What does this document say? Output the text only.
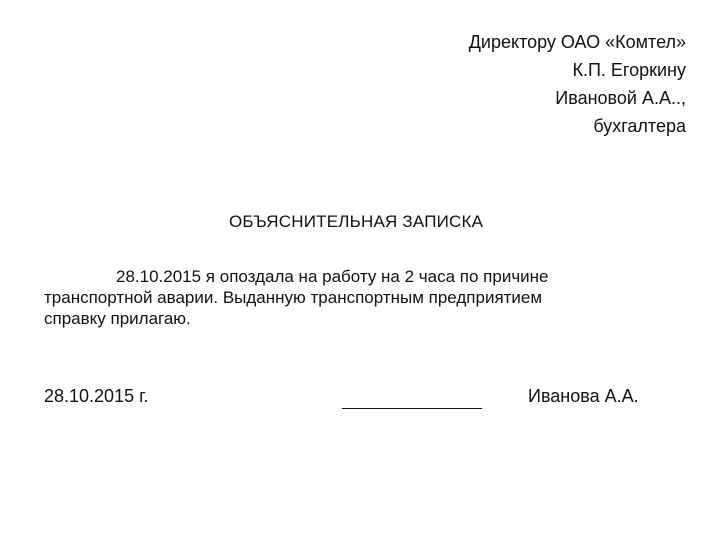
Директору ОАО «Комтел»
К.П. Егоркину
Ивановой А.А..,
бухгалтера
ОБЪЯСНИТЕЛЬНАЯ ЗАПИСКА
28.10.2015 я опоздала на работу на 2 часа по причине
транспортной аварии. Выданную транспортным предприятием
справку прилагаю.
28.10.2015 г.	Иванова А.А.
